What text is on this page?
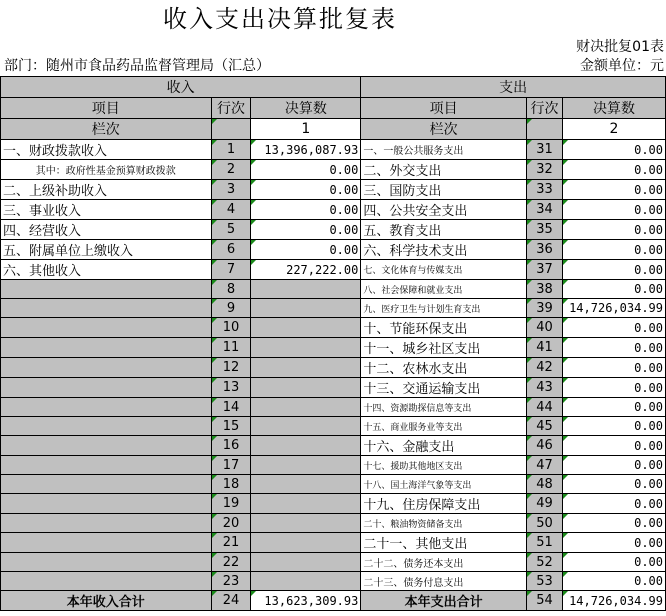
收入支出决算批复表
财决批复01表
部门：随州市食品药品监督管理局（汇总）	金额单位：元
收入			支出		
项目	行次	决算数	项目	行次	决算数
栏次		1	栏次		2
一、财政拨款收入	1	13,396,087.93	一、一般公共服务支出	31	0.00
其中：政府性基金预算财政拨款	2	0.00	二、外交支出	32	0.00
二、上级补助收入	3	0.00	三、国防支出	33	0.00
三、事业收入	4	0.00	四、公共安全支出	34	0.00
四、经营收入	5	0.00	五、教育支出	35	0.00
五、附属单位上缴收入	6	0.00	六、科学技术支出	36	0.00
六、其他收入	7	227,222.00	七、文化体育与传媒支出	37	0.00
	8		八、社会保障和就业支出	38	0.00
	9		九、医疗卫生与计划生育支出	39	14,726,034.99
	10		十、节能环保支出	40	0.00
	11		十一、城乡社区支出	41	0.00
	12		十二、农林水支出	42	0.00
	13		十三、交通运输支出	43	0.00
	14		十四、资源勘探信息等支出	44	0.00
	15		十五、商业服务业等支出	45	0.00
	16		十六、金融支出	46	0.00
	17		十七、援助其他地区支出	47	0.00
	18		十八、国土海洋气象等支出	48	0.00
	19		十九、住房保障支出	49	0.00
	20		二十、粮油物资储备支出	50	0.00
	21		二十一、其他支出	51	0.00
	22		二十二、债务还本支出	52	0.00
	23		二十三、债务付息支出	53	0.00
本年收入合计	24	13,623,309.93	本年支出合计	54	14,726,034.99
